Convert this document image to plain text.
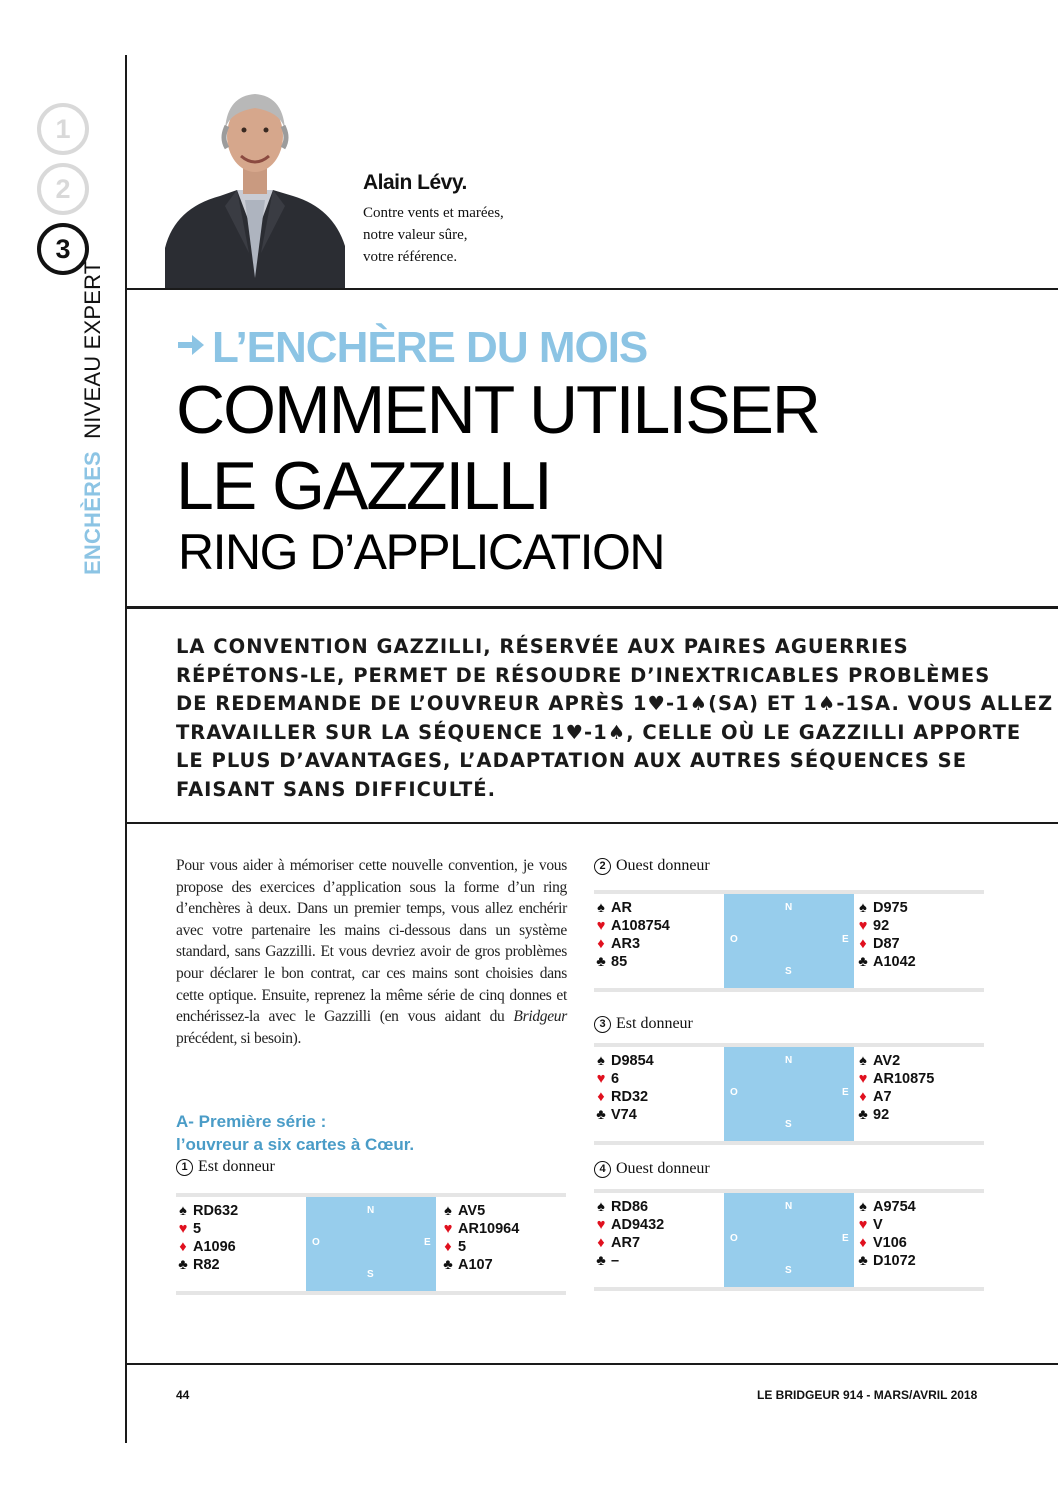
1
2
3
ENCHÈRES NIVEAU EXPERT
Alain Lévy.
Contre vents et marées,
notre valeur sûre,
votre référence.
L’ENCHÈRE DU MOIS
COMMENT UTILISER
LE GAZZILLI
RING D’APPLICATION
LA CONVENTION GAZZILLI, RÉSERVÉE AUX PAIRES AGUERRIES
RÉPÉTONS-LE, PERMET DE RÉSOUDRE D’INEXTRICABLES PROBLÈMES
DE REDEMANDE DE L’OUVREUR APRÈS 1♥-1♠(SA) ET 1♠-1SA. VOUS ALLEZ
TRAVAILLER SUR LA SÉQUENCE 1♥-1♠, CELLE OÙ LE GAZZILLI APPORTE
LE PLUS D’AVANTAGES, L’ADAPTATION AUX AUTRES SÉQUENCES SE
FAISANT SANS DIFFICULTÉ.
Pour vous aider à mémoriser cette nouvelle convention, je vous propose des exercices d’application sous la forme d’un ring d’enchères à deux. Dans un premier temps, vous allez enchérir avec votre partenaire les mains ci-dessous dans un système standard, sans Gazzilli. Et vous devriez avoir de gros problèmes pour déclarer le bon contrat, car ces mains sont choisies dans cette optique. Ensuite, reprenez la même série de cinq donnes et enchérissez-la avec le Gazzilli (en vous aidant du Bridgeur précédent, si besoin).
A- Première série :
l’ouvreur a six cartes à Cœur.
1 Est donneur
2 Ouest donneur
3 Est donneur
4 Ouest donneur
♠ RD632
♥ 5
♦ A1096
♣ R82
N
S
E
O
♠ AV5
♥ AR10964
♦ 5
♣ A107
♠ AR
♥ A108754
♦ AR3
♣ 85
N
S
E
O
♠ D975
♥ 92
♦ D87
♣ A1042
♠ D9854
♥ 6
♦ RD32
♣ V74
N
S
E
O
♠ AV2
♥ AR10875
♦ A7
♣ 92
♠ RD86
♥ AD9432
♦ AR7
♣ –
N
S
E
O
♠ A9754
♥ V
♦ V106
♣ D1072
44	LE BRIDGEUR 914 - MARS/AVRIL 2018
